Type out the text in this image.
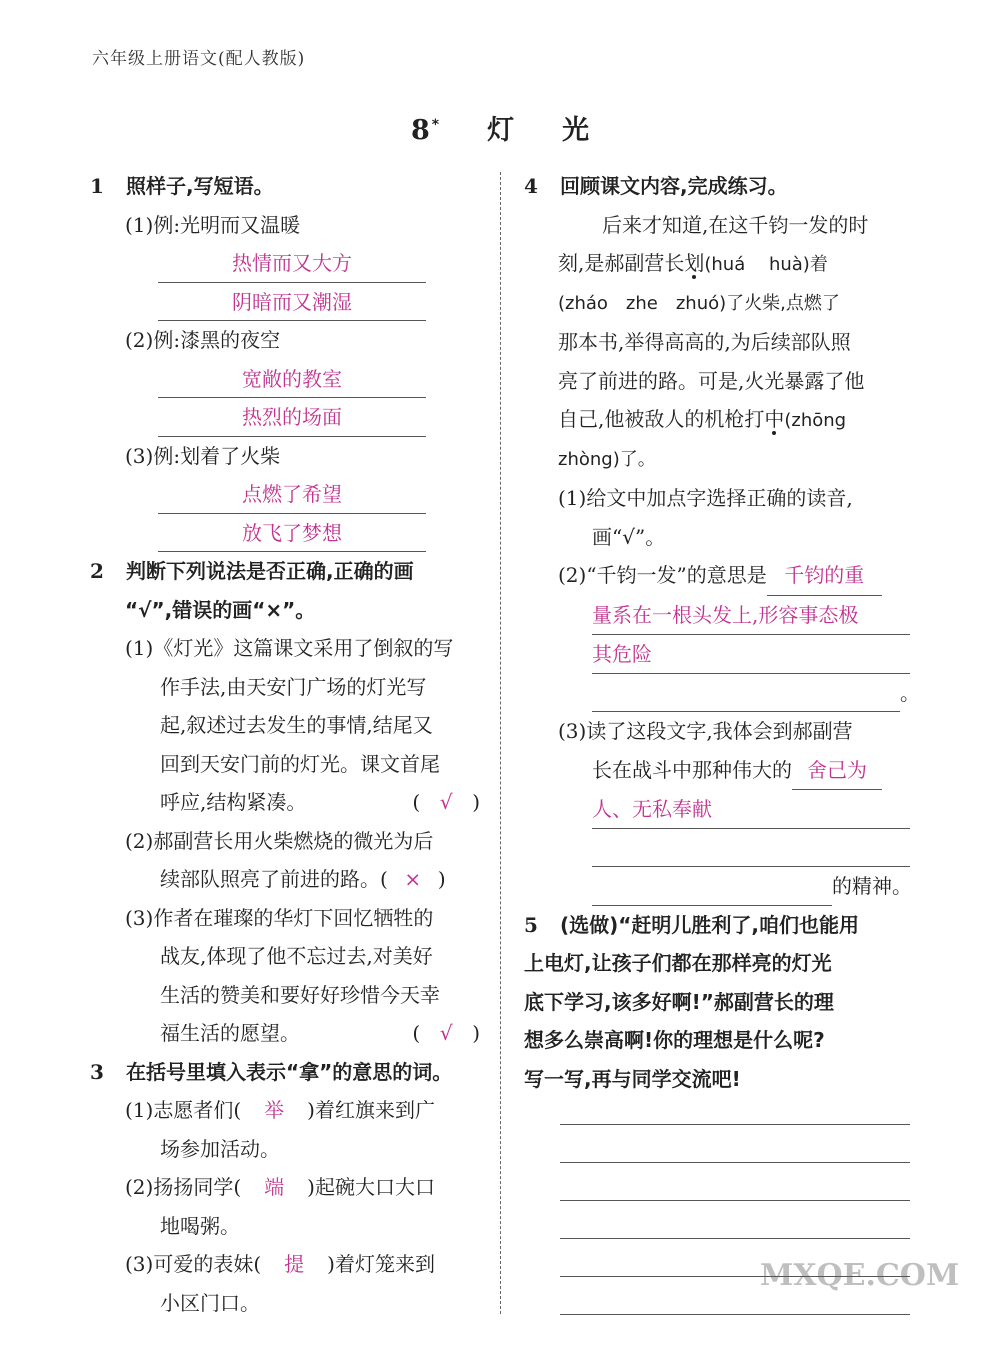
MXQE.COM
六年级上册语文(配人教版)
8 * 灯 光
1 照样子,写短语。
(1)例:光明而又温暖
热情而又大方
阴暗而又潮湿
(2)例:漆黑的夜空
宽敞的教室
热烈的场面
(3)例:划着了火柴
点燃了希望
放飞了梦想
2 判断下列说法是否正确,正确的画
“√”,错误的画“×”。
(1)《灯光》这篇课文采用了倒叙的写
作手法,由天安门广场的灯光写
起,叙述过去发生的事情,结尾又
回到天安门前的灯光。课文首尾
呼应,结构紧凑。	( √ )
(2)郝副营长用火柴燃烧的微光为后
续部队照亮了前进的路。( × )
(3)作者在璀璨的华灯下回忆牺牲的
战友,体现了他不忘过去,对美好
生活的赞美和要好好珍惜今天幸
福生活的愿望。	( √ )
3 在括号里填入表示“拿”的意思的词。
(1)志愿者们( 举 )着红旗来到广
场参加活动。
(2)扬扬同学( 端 )起碗大口大口
地喝粥。
(3)可爱的表妹( 提 )着灯笼来到
小区门口。
4 回顾课文内容,完成练习。
后来才知道,在这千钧一发的时
刻,是郝副营长划(huá　 huà)着
(zháo　zhe　zhuó)了火柴,点燃了
那本书,举得高高的,为后续部队照
亮了前进的路。可是,火光暴露了他
自己,他被敌人的机枪打中(zhōng
zhòng)了。
(1)给文中加点字选择正确的读音,
画“√”。
(2)“千钧一发”的意思是 千钧的重
量系在一根头发上,形容事态极
其危险
。
(3)读了这段文字,我体会到郝副营
长在战斗中那种伟大的 舍己为
人、无私奉献
的精神。
5 (选做)“赶明儿胜利了,咱们也能用
上电灯,让孩子们都在那样亮的灯光
底下学习,该多好啊!”郝副营长的理
想多么崇高啊!你的理想是什么呢?
写一写,再与同学交流吧!
